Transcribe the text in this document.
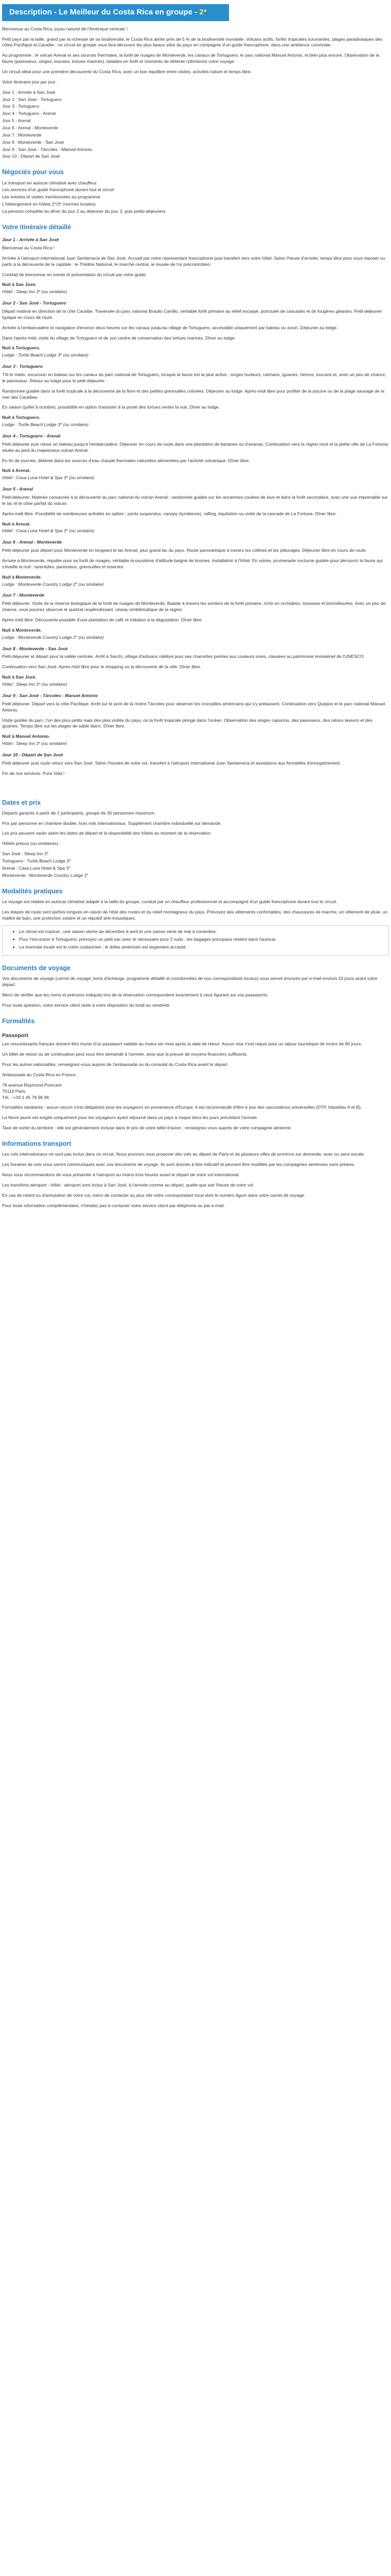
Description - Le Meilleur du Costa Rica en groupe - 2*

Bienvenue au Costa Rica, joyau naturel de l'Amérique centrale !

Petit pays par la taille, grand par la richesse de sa biodiversité, le Costa Rica abrite près de 5 % de la biodiversité mondiale. Volcans actifs, forêts tropicales luxuriantes, plages paradisiaques des côtes Pacifique et Caraïbe : ce circuit en groupe vous fera découvrir les plus beaux sites du pays en compagnie d'un guide francophone, dans une ambiance conviviale.

Au programme : le volcan Arenal et ses sources thermales, la forêt de nuages de Monteverde, les canaux de Tortuguero, le parc national Manuel Antonio, et bien plus encore. Observation de la faune (paresseux, singes, toucans, tortues marines), balades en forêt et moments de détente rythmeront votre voyage.

Un circuit idéal pour une première découverte du Costa Rica, avec un bon équilibre entre visites, activités nature et temps libre.

Votre itinéraire jour par jour :

Jour 1 : Arrivée à San José
Jour 2 : San José - Tortuguero
Jour 3 : Tortuguero
Jour 4 : Tortuguero - Arenal
Jour 5 : Arenal
Jour 6 : Arenal - Monteverde
Jour 7 : Monteverde
Jour 8 : Monteverde - San José
Jour 9 : San José - Tárcoles - Manuel Antonio
Jour 10 : Départ de San José
Négociés pour vous
Le transport en autocar climatisé avec chauffeur
Les services d'un guide francophone durant tout le circuit
Les entrées et visites mentionnées au programme
L'hébergement en hôtels 2*/3* (normes locales)
La pension complète du dîner du jour 2 au déjeuner du jour 3, puis petits-déjeuners
Votre itinéraire détaillé
Jour 1 - Arrivée à San José

Bienvenue au Costa Rica !

Arrivée à l'aéroport international Juan Santamaría de San José. Accueil par notre représentant francophone puis transfert vers votre hôtel. Selon l'heure d'arrivée, temps libre pour vous reposer ou partir à la découverte de la capitale : le Théâtre National, le marché central, le musée de l'or précolombien.

Cocktail de bienvenue en soirée et présentation du circuit par votre guide.

Nuit à San José.
Hôtel : Sleep Inn 3* (ou similaire)
Jour 2 - San José - Tortuguero

Départ matinal en direction de la côte Caraïbe. Traversée du parc national Braulio Carrillo, véritable forêt primaire au relief escarpé, ponctuée de cascades et de fougères géantes. Petit-déjeuner typique en cours de route.

Arrivée à l'embarcadère et navigation d'environ deux heures sur les canaux jusqu'au village de Tortuguero, accessible uniquement par bateau ou avion. Déjeuner au lodge.

Dans l'après-midi, visite du village de Tortuguero et de son centre de conservation des tortues marines. Dîner au lodge.

Nuit à Tortuguero.
Lodge : Turtle Beach Lodge 3* (ou similaire)
Jour 3 - Tortuguero

Tôt le matin, excursion en bateau sur les canaux du parc national de Tortuguero, lorsque la faune est la plus active : singes hurleurs, caïmans, iguanes, hérons, toucans et, avec un peu de chance, le paresseux. Retour au lodge pour le petit-déjeuner.

Randonnée guidée dans la forêt tropicale à la découverte de la flore et des petites grenouilles colorées. Déjeuner au lodge. Après-midi libre pour profiter de la piscine ou de la plage sauvage de la mer des Caraïbes.

En saison (juillet à octobre), possibilité en option d'assister à la ponte des tortues vertes la nuit. Dîner au lodge.

Nuit à Tortuguero.
Lodge : Turtle Beach Lodge 3* (ou similaire)
Jour 4 - Tortuguero - Arenal

Petit-déjeuner puis retour en bateau jusqu'à l'embarcadère. Déjeuner en cours de route dans une plantation de bananes ou d'ananas. Continuation vers la région nord et la petite ville de La Fortuna, située au pied du majestueux volcan Arenal.

En fin de journée, détente dans les sources d'eau chaude thermales naturelles alimentées par l'activité volcanique. Dîner libre.

Nuit à Arenal.
Hôtel : Casa Luna Hotel & Spa 3* (ou similaire)
Jour 5 - Arenal

Petit-déjeuner. Matinée consacrée à la découverte du parc national du volcan Arenal : randonnée guidée sur les anciennes coulées de lave et dans la forêt secondaire, avec une vue imprenable sur le lac et le cône parfait du volcan.

Après-midi libre. Possibilité de nombreuses activités en option : ponts suspendus, canopy (tyrolienne), rafting, équitation ou visite de la cascade de La Fortuna. Dîner libre.

Nuit à Arenal.
Hôtel : Casa Luna Hotel & Spa 3* (ou similaire)
Jour 6 - Arenal - Monteverde

Petit-déjeuner puis départ pour Monteverde en longeant le lac Arenal, plus grand lac du pays. Route panoramique à travers les collines et les pâturages. Déjeuner libre en cours de route.

Arrivée à Monteverde, réputée pour sa forêt de nuages, véritable écosystème d'altitude baigné de brumes. Installation à l'hôtel. En soirée, promenade nocturne guidée pour découvrir la faune qui s'éveille la nuit : tarentules, paresseux, grenouilles et insectes.

Nuit à Monteverde.
Lodge : Monteverde Country Lodge 2* (ou similaire)
Jour 7 - Monteverde

Petit-déjeuner. Visite de la réserve biologique de la forêt de nuages de Monteverde. Balade à travers les sentiers de la forêt primaire, riche en orchidées, mousses et broméliacées. Avec un peu de chance, vous pourrez observer le quetzal resplendissant, oiseau emblématique de la région.

Après-midi libre. Découverte possible d'une plantation de café et initiation à la dégustation. Dîner libre.

Nuit à Monteverde.
Lodge : Monteverde Country Lodge 2* (ou similaire)
Jour 8 - Monteverde - San José

Petit-déjeuner et départ pour la vallée centrale. Arrêt à Sarchí, village d'artisans célèbre pour ses charrettes peintes aux couleurs vives, classées au patrimoine immatériel de l'UNESCO.

Continuation vers San José. Après-midi libre pour le shopping ou la découverte de la ville. Dîner libre.

Nuit à San José.
Hôtel : Sleep Inn 3* (ou similaire)
Jour 9 - San José - Tárcoles - Manuel Antonio

Petit-déjeuner. Départ vers la côte Pacifique. Arrêt sur le pont de la rivière Tárcoles pour observer les crocodiles américains qui s'y prélassent. Continuation vers Quepos et le parc national Manuel Antonio.

Visite guidée du parc, l'un des plus petits mais des plus visités du pays, où la forêt tropicale plonge dans l'océan. Observation des singes capucins, des paresseux, des ratons laveurs et des iguanes. Temps libre sur les plages de sable blanc. Dîner libre.

Nuit à Manuel Antonio.
Hôtel : Sleep Inn 3* (ou similaire)
Jour 10 - Départ de San José

Petit-déjeuner puis route retour vers San José. Selon l'horaire de votre vol, transfert à l'aéroport international Juan Santamaría et assistance aux formalités d'enregistrement.

Fin de nos services. Pura Vida !

Dates et prix

Départs garantis à partir de 2 participants, groupe de 30 personnes maximum.

Prix par personne en chambre double, hors vols internationaux. Supplément chambre individuelle sur demande.

Les prix peuvent varier selon les dates de départ et la disponibilité des hôtels au moment de la réservation.

Hôtels prévus (ou similaires) :

San José : Sleep Inn 3*
Tortuguero : Turtle Beach Lodge 3*
Arenal : Casa Luna Hotel & Spa 3*
Monteverde : Monteverde Country Lodge 2*
Modalités pratiques

Le voyage est réalisé en autocar climatisé adapté à la taille du groupe, conduit par un chauffeur professionnel et accompagné d'un guide francophone durant tout le circuit.

Les étapes de route sont parfois longues en raison de l'état des routes et du relief montagneux du pays. Prévoyez des vêtements confortables, des chaussures de marche, un vêtement de pluie, un maillot de bain, une protection solaire et un répulsif anti-moustiques.

• Le climat est tropical : une saison sèche de décembre à avril et une saison verte de mai à novembre.
• Pour l'excursion à Tortuguero, prévoyez un petit sac avec le nécessaire pour 2 nuits ; les bagages principaux restent dans l'autocar.
• La monnaie locale est le colón costaricien ; le dollar américain est largement accepté.
Documents de voyage

Vos documents de voyage (carnet de voyage, bons d'échange, programme détaillé et coordonnées de nos correspondants locaux) vous seront envoyés par e-mail environ 10 jours avant votre départ.

Merci de vérifier que les noms et prénoms indiqués lors de la réservation correspondent exactement à ceux figurant sur vos passeports.

Pour toute question, notre service client reste à votre disposition du lundi au vendredi.

Formalités
Passeport

Les ressortissants français doivent être munis d'un passeport valable au moins six mois après la date de retour. Aucun visa n'est requis pour un séjour touristique de moins de 90 jours.

Un billet de retour ou de continuation peut vous être demandé à l'arrivée, ainsi que la preuve de moyens financiers suffisants.

Pour les autres nationalités, renseignez-vous auprès de l'ambassade ou du consulat du Costa Rica avant le départ.

Ambassade du Costa Rica en France :

78 avenue Raymond Poincaré
75116 Paris
Tél. : +33 1 45 78 96 96

Formalités sanitaires : aucun vaccin n'est obligatoire pour les voyageurs en provenance d'Europe. Il est recommandé d'être à jour des vaccinations universelles (DTP, hépatites A et B).

La fièvre jaune est exigée uniquement pour les voyageurs ayant séjourné dans un pays à risque dans les jours précédant l'arrivée.

Taxe de sortie du territoire : elle est généralement incluse dans le prix de votre billet d'avion ; renseignez-vous auprès de votre compagnie aérienne.

Informations transport

Les vols internationaux ne sont pas inclus dans ce circuit. Nous pouvons vous proposer des vols au départ de Paris et de plusieurs villes de province sur demande, avec ou sans escale.

Les horaires de vols vous seront communiqués avec vos documents de voyage. Ils sont donnés à titre indicatif et peuvent être modifiés par les compagnies aériennes sans préavis.

Nous vous recommandons de vous présenter à l'aéroport au moins trois heures avant le départ de votre vol international.

Les transferts aéroport - hôtel - aéroport sont inclus à San José, à l'arrivée comme au départ, quelle que soit l'heure de votre vol.

En cas de retard ou d'annulation de votre vol, merci de contacter au plus vite notre correspondant local dont le numéro figure dans votre carnet de voyage.

Pour toute information complémentaire, n'hésitez pas à contacter notre service client par téléphone ou par e-mail.
